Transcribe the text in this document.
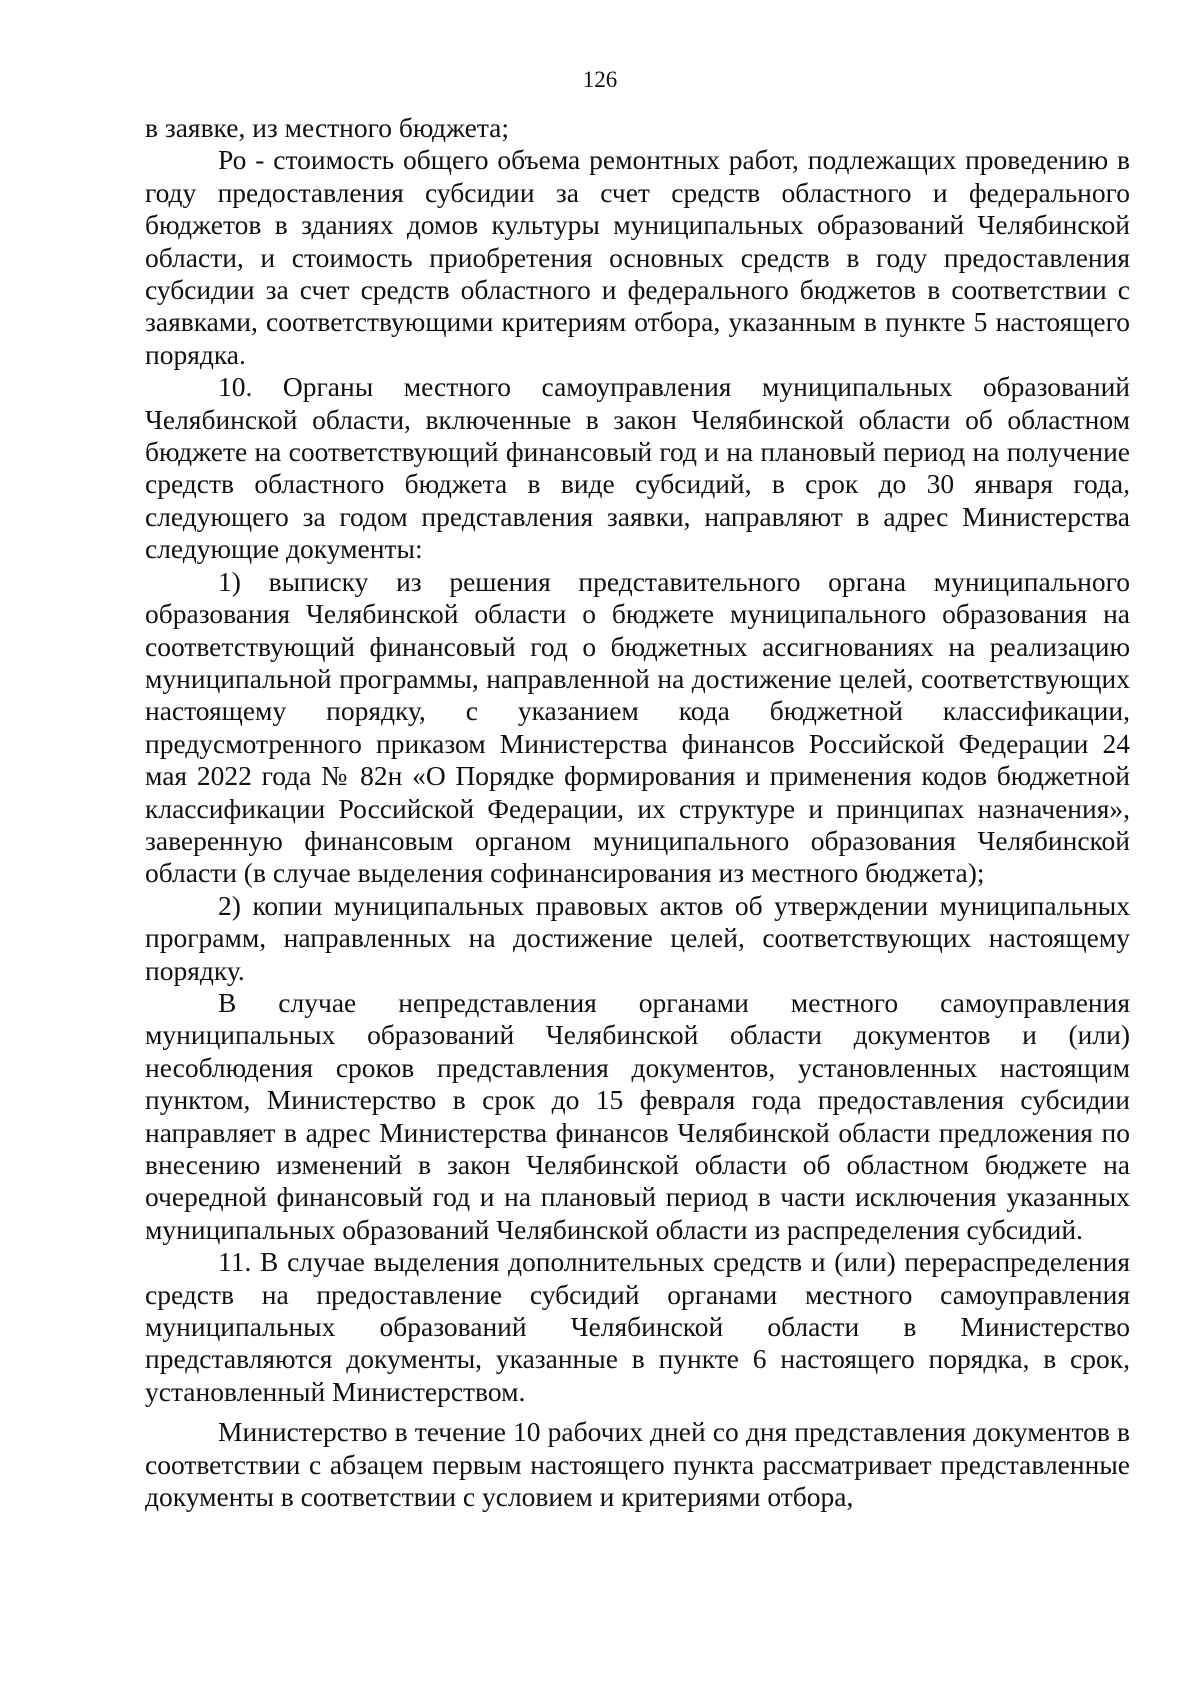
126

в заявке, из местного бюджета;

Ро - стоимость общего объема ремонтных работ, подлежащих проведению в году предоставления субсидии за счет средств областного и федерального бюджетов в зданиях домов культуры муниципальных образований Челябинской области, и стоимость приобретения основных средств в году предоставления субсидии за счет средств областного и федерального бюджетов в соответствии с заявками, соответствующими критериям отбора, указанным в пункте 5 настоящего порядка.

10. Органы местного самоуправления муниципальных образований Челябинской области, включенные в закон Челябинской области об областном бюджете на соответствующий финансовый год и на плановый период на получение средств областного бюджета в виде субсидий, в срок до 30 января года, следующего за годом представления заявки, направляют в адрес Министерства следующие документы:

1) выписку из решения представительного органа муниципального образования Челябинской области о бюджете муниципального образования на соответствующий финансовый год о бюджетных ассигнованиях на реализацию муниципальной программы, направленной на достижение целей, соответствующих настоящему порядку, с указанием кода бюджетной классификации, предусмотренного приказом Министерства финансов Российской Федерации 24 мая 2022 года № 82н «О Порядке формирования и применения кодов бюджетной классификации Российской Федерации, их структуре и принципах назначения», заверенную финансовым органом муниципального образования Челябинской области (в случае выделения софинансирования из местного бюджета);

2) копии муниципальных правовых актов об утверждении муниципальных программ, направленных на достижение целей, соответствующих настоящему порядку.

В случае непредставления органами местного самоуправления муниципальных образований Челябинской области документов и (или) несоблюдения сроков представления документов, установленных настоящим пунктом, Министерство в срок до 15 февраля года предоставления субсидии направляет в адрес Министерства финансов Челябинской области предложения по внесению изменений в закон Челябинской области об областном бюджете на очередной финансовый год и на плановый период в части исключения указанных муниципальных образований Челябинской области из распределения субсидий.

11. В случае выделения дополнительных средств и (или) перераспределения средств на предоставление субсидий органами местного самоуправления муниципальных образований Челябинской области в Министерство представляются документы, указанные в пункте 6 настоящего порядка, в срок, установленный Министерством.

Министерство в течение 10 рабочих дней со дня представления документов в соответствии с абзацем первым настоящего пункта рассматривает представленные документы в соответствии с условием и критериями отбора,
